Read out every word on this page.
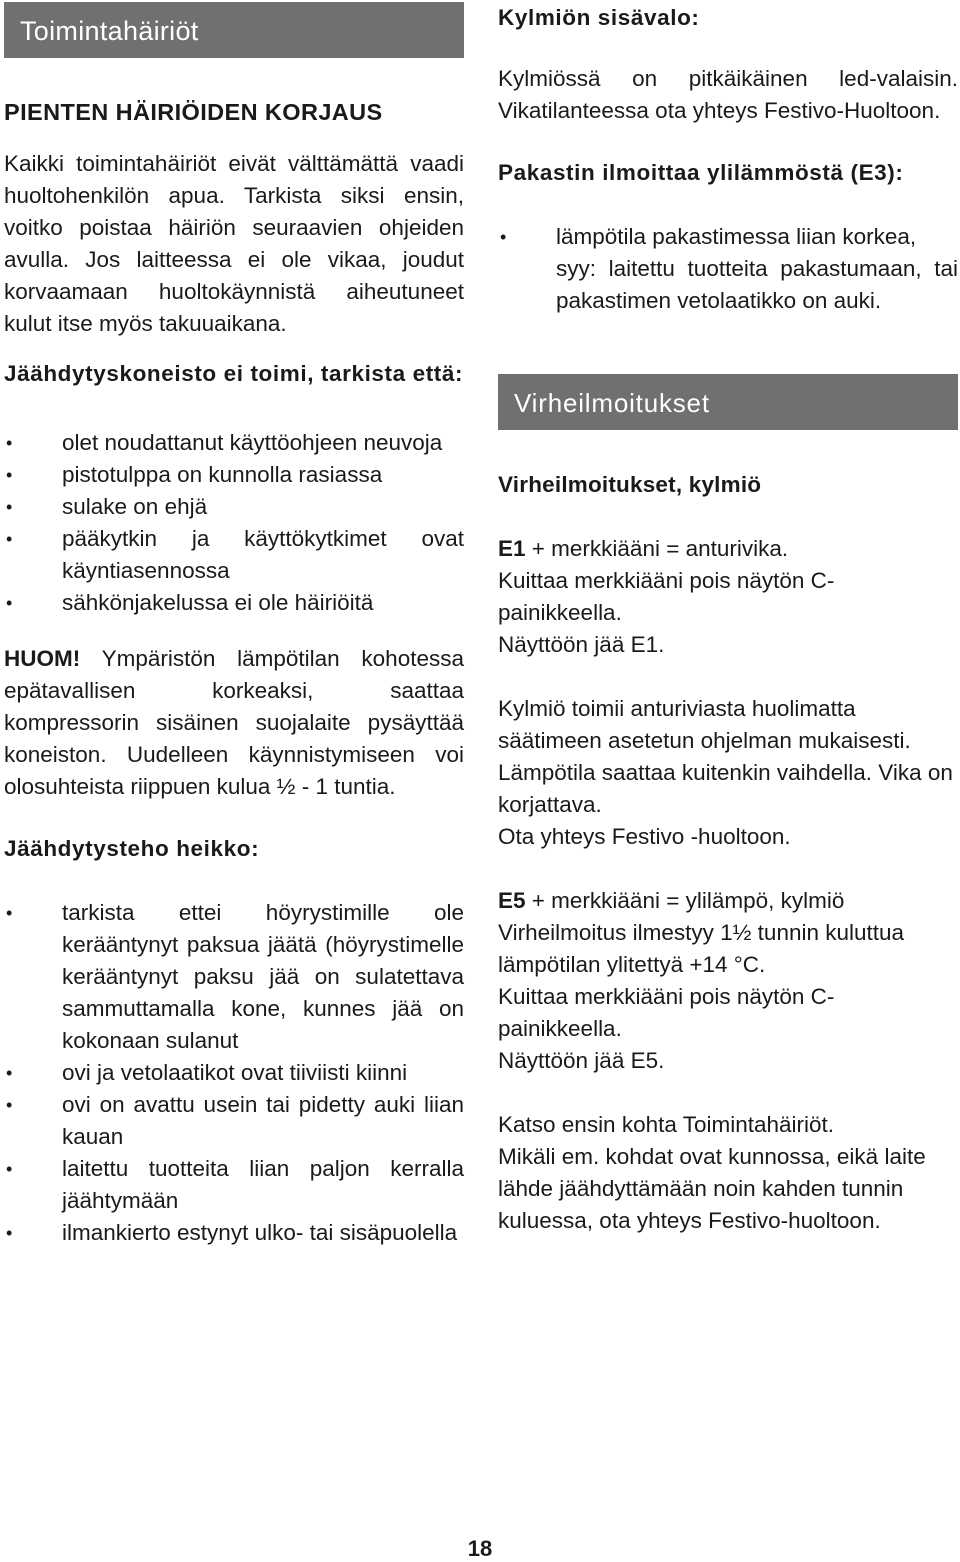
Toimintahäiriöt

PIENTEN HÄIRIÖIDEN KORJAUS

Kaikki toimintahäiriöt eivät välttämättä vaadi huoltohenkilön apua. Tarkista siksi ensin, voitko poistaa häiriön seuraavien ohjeiden avulla. Jos laitteessa ei ole vikaa, joudut korvaamaan huoltokäynnistä aiheutuneet kulut itse myös takuuaikana.

Jäähdytyskoneisto ei toimi, tarkista että:

• olet noudattanut käyttöohjeen neuvoja
• pistotulppa on kunnolla rasiassa
• sulake on ehjä
• pääkytkin ja käyttökytkimet ovat käyntiasennossa
• sähkönjakelussa ei ole häiriöitä

HUOM! Ympäristön lämpötilan kohotessa epätavallisen korkeaksi, saattaa kompressorin sisäinen suojalaite pysäyttää koneiston. Uudelleen käynnistymiseen voi olosuhteista riippuen kulua ½ - 1 tuntia.

Jäähdytysteho heikko:

• tarkista ettei höyrystimille ole kerääntynyt paksua jäätä (höyrystimelle kerääntynyt paksu jää on sulatettava sammuttamalla kone, kunnes jää on kokonaan sulanut
• ovi ja vetolaatikot ovat tiiviisti kiinni
• ovi on avattu usein tai pidetty auki liian kauan
• laitettu tuotteita liian paljon kerralla jäähtymään
• ilmankierto estynyt ulko- tai sisäpuolella

Kylmiön sisävalo:

Kylmiössä on pitkäikäinen led-valaisin. Vikatilanteessa ota yhteys Festivo-Huoltoon.

Pakastin ilmoittaa ylilämmöstä (E3):

• lämpötila pakastimessa liian korkea,
syy: laitettu tuotteita pakastumaan, tai pakastimen vetolaatikko on auki.
Virheilmoitukset

Virheilmoitukset, kylmiö

E1 + merkkiääni = anturivika.
Kuittaa merkkiääni pois näytön C- painikkeella.
Näyttöön jää E1.
Kylmiö toimii anturiviasta huolimatta säätimeen asetetun ohjelman mukaisesti. Lämpötila saattaa kuitenkin vaihdella. Vika on korjattava.
Ota yhteys Festivo -huoltoon.
E5 + merkkiääni = ylilämpö, kylmiö
Virheilmoitus ilmestyy 1½ tunnin kuluttua lämpötilan ylitettyä +14 °C.
Kuittaa merkkiääni pois näytön C- painikkeella.
Näyttöön jää E5.
Katso ensin kohta Toimintahäiriöt.
Mikäli em. kohdat ovat kunnossa, eikä laite lähde jäähdyttämään noin kahden tunnin kuluessa, ota yhteys Festivo-huoltoon.
18
